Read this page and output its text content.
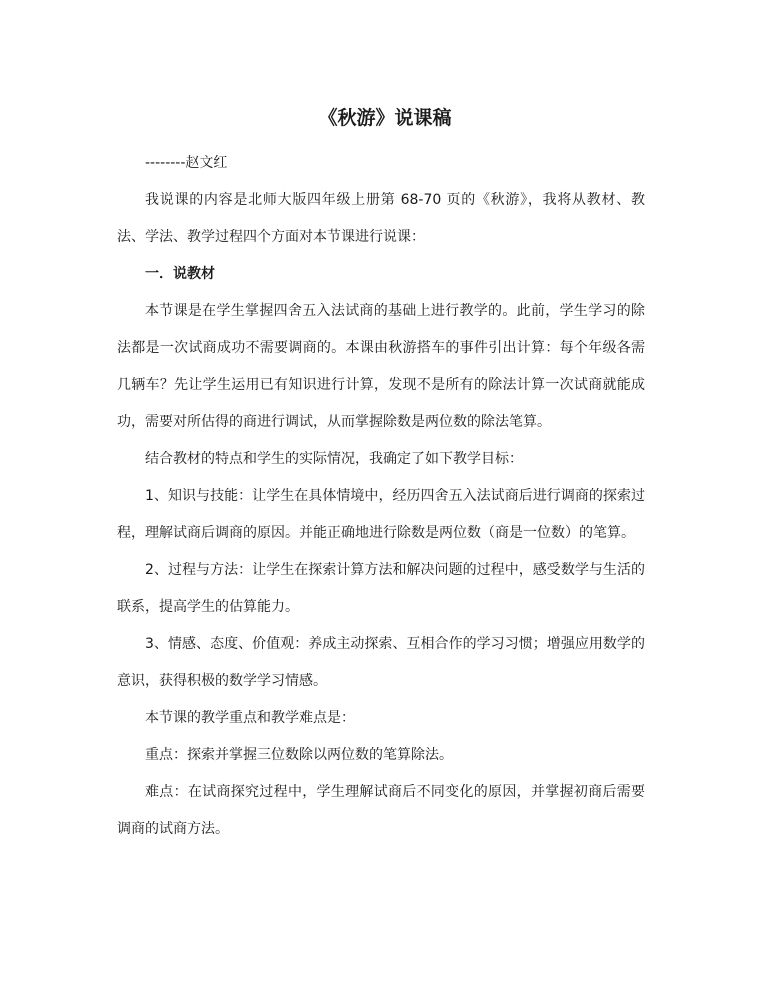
《秋游》说课稿

--------赵文红

我说课的内容是北师大版四年级上册第 68-70 页的《秋游》，我将从教材、教法、学法、教学过程四个方面对本节课进行说课：

一．说教材

本节课是在学生掌握四舍五入法试商的基础上进行教学的。此前，学生学习的除法都是一次试商成功不需要调商的。本课由秋游搭车的事件引出计算：每个年级各需几辆车？先让学生运用已有知识进行计算，发现不是所有的除法计算一次试商就能成功，需要对所估得的商进行调试，从而掌握除数是两位数的除法笔算。

结合教材的特点和学生的实际情况，我确定了如下教学目标：

1、知识与技能：让学生在具体情境中，经历四舍五入法试商后进行调商的探索过程，理解试商后调商的原因。并能正确地进行除数是两位数（商是一位数）的笔算。

2、过程与方法：让学生在探索计算方法和解决问题的过程中，感受数学与生活的联系，提高学生的估算能力。

3、情感、态度、价值观：养成主动探索、互相合作的学习习惯；增强应用数学的意识，获得积极的数学学习情感。

本节课的教学重点和教学难点是：

重点：探索并掌握三位数除以两位数的笔算除法。

难点：在试商探究过程中，学生理解试商后不同变化的原因，并掌握初商后需要调商的试商方法。
